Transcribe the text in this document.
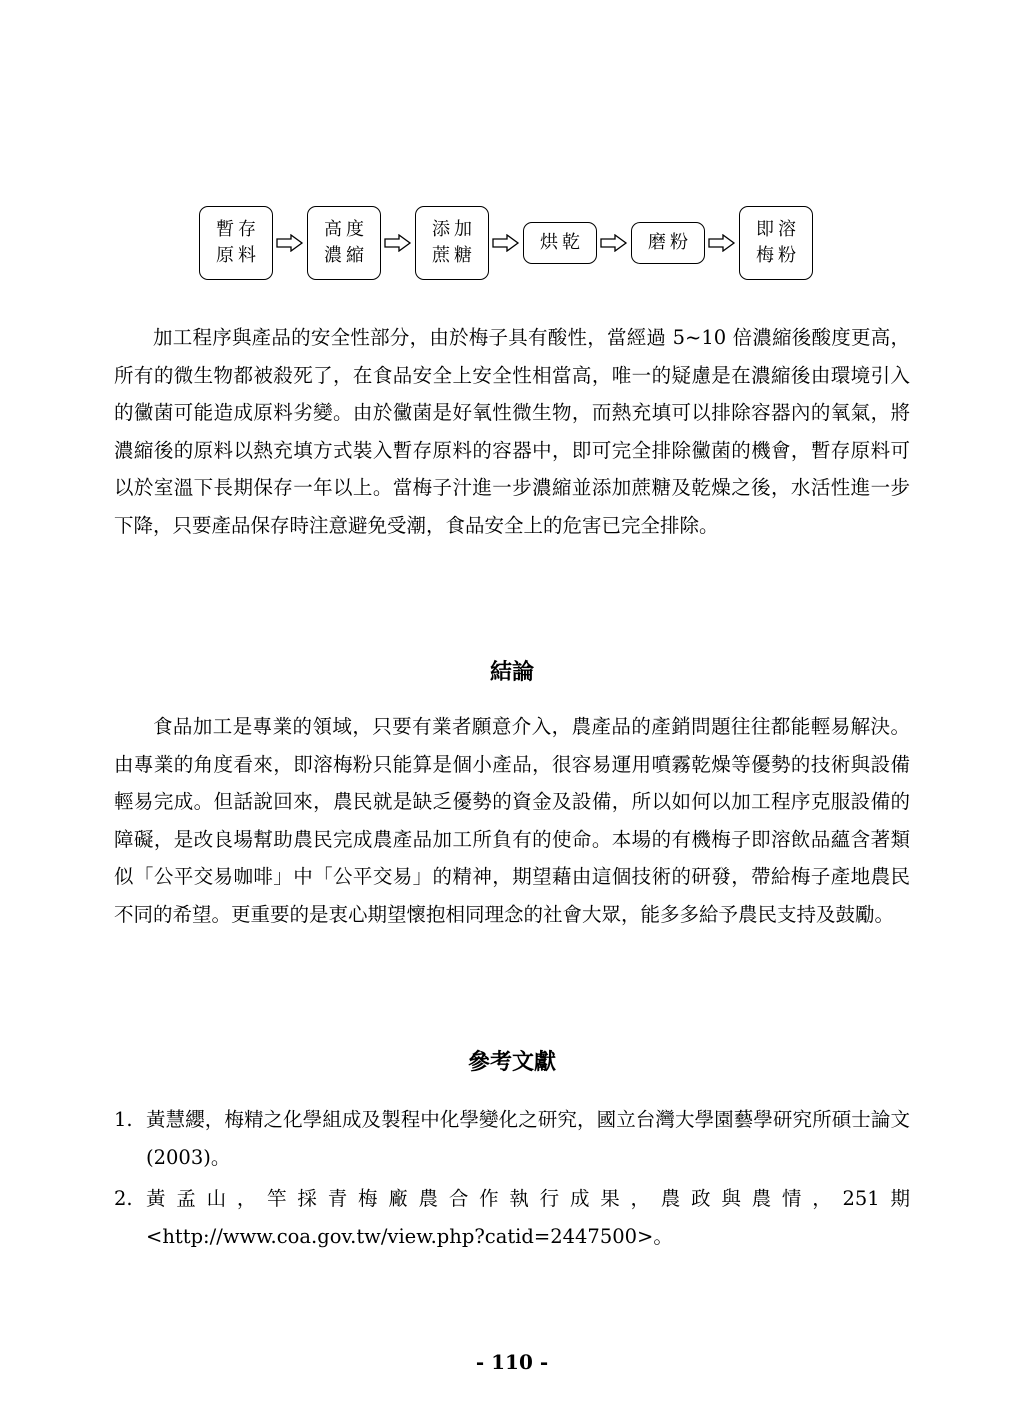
暫存
原料
高度
濃縮
添加
蔗糖
烘乾	磨粉
即溶
梅粉

加工程序與產品的安全性部分，由於梅子具有酸性，當經過 5~10 倍濃縮後酸度更高，所有的微生物都被殺死了，在食品安全上安全性相當高，唯一的疑慮是在濃縮後由環境引入的黴菌可能造成原料劣變。由於黴菌是好氧性微生物，而熱充填可以排除容器內的氧氣，將濃縮後的原料以熱充填方式裝入暫存原料的容器中，即可完全排除黴菌的機會，暫存原料可以於室溫下長期保存一年以上。當梅子汁進一步濃縮並添加蔗糖及乾燥之後，水活性進一步下降，只要產品保存時注意避免受潮，食品安全上的危害已完全排除。

結論

食品加工是專業的領域，只要有業者願意介入，農產品的產銷問題往往都能輕易解決。由專業的角度看來，即溶梅粉只能算是個小產品，很容易運用噴霧乾燥等優勢的技術與設備輕易完成。但話說回來，農民就是缺乏優勢的資金及設備，所以如何以加工程序克服設備的障礙，是改良場幫助農民完成農產品加工所負有的使命。本場的有機梅子即溶飲品蘊含著類似「公平交易咖啡」中「公平交易」的精神，期望藉由這個技術的研發，帶給梅子產地農民不同的希望。更重要的是衷心期望懷抱相同理念的社會大眾，能多多給予農民支持及鼓勵。

參考文獻
1. 黃慧纓，梅精之化學組成及製程中化學變化之研究，國立台灣大學園藝學研究所碩士論文 (2003)。
2. 黃 孟 山 ， 竿 採 青 梅 廠 農 合 作 執 行 成 果 ， 農 政 與 農 情 ， 251 期
<http://www.coa.gov.tw/view.php?catid=2447500>。

- 110 -
